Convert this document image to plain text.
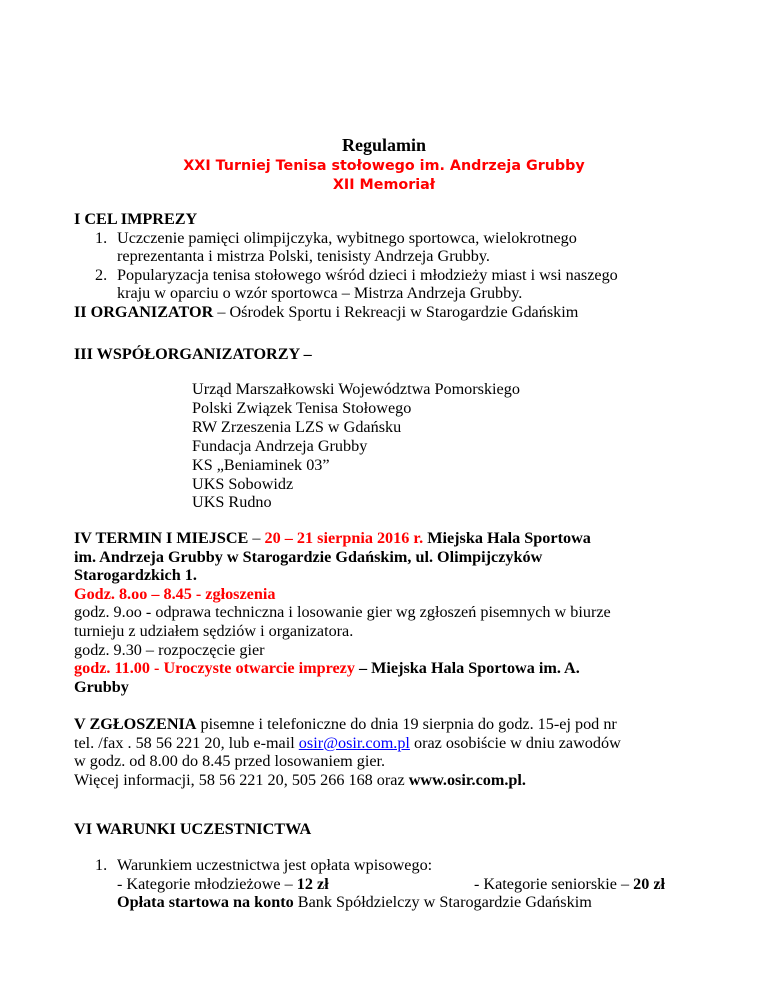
Regulamin
XXI Turniej Tenisa stołowego im. Andrzeja Grubby
XII Memoriał
I CEL IMPREZY
1. Uczczenie pamięci olimpijczyka, wybitnego sportowca, wielokrotnego
reprezentanta i mistrza Polski, tenisisty Andrzeja Grubby.
2. Popularyzacja tenisa stołowego wśród dzieci i młodzieży miast i wsi naszego
kraju w oparciu o wzór sportowca – Mistrza Andrzeja Grubby.
II ORGANIZATOR – Ośrodek Sportu i Rekreacji w Starogardzie Gdańskim
III WSPÓŁORGANIZATORZY –
Urząd Marszałkowski Województwa Pomorskiego
Polski Związek Tenisa Stołowego
RW Zrzeszenia LZS w Gdańsku
Fundacja Andrzeja Grubby
KS „Beniaminek 03”
UKS Sobowidz
UKS Rudno
IV TERMIN I MIEJSCE – 20 – 21 sierpnia 2016 r. Miejska Hala Sportowa
im. Andrzeja Grubby w Starogardzie Gdańskim, ul. Olimpijczyków
Starogardzkich 1.
Godz. 8.oo – 8.45 - zgłoszenia
godz. 9.oo - odprawa techniczna i losowanie gier wg zgłoszeń pisemnych w biurze
turnieju z udziałem sędziów i organizatora.
godz. 9.30 – rozpoczęcie gier
godz. 11.00 - Uroczyste otwarcie imprezy – Miejska Hala Sportowa im. A.
Grubby
V ZGŁOSZENIA pisemne i telefoniczne do dnia 19 sierpnia do godz. 15-ej pod nr
tel. /fax . 58 56 221 20, lub e-mail osir@osir.com.pl oraz osobiście w dniu zawodów
w godz. od 8.00 do 8.45 przed losowaniem gier.
Więcej informacji, 58 56 221 20, 505 266 168 oraz www.osir.com.pl.
VI WARUNKI UCZESTNICTWA
1. Warunkiem uczestnictwa jest opłata wpisowego:
- Kategorie młodzieżowe – 12 zł	- Kategorie seniorskie – 20 zł
Opłata startowa na konto Bank Spółdzielczy w Starogardzie Gdańskim
